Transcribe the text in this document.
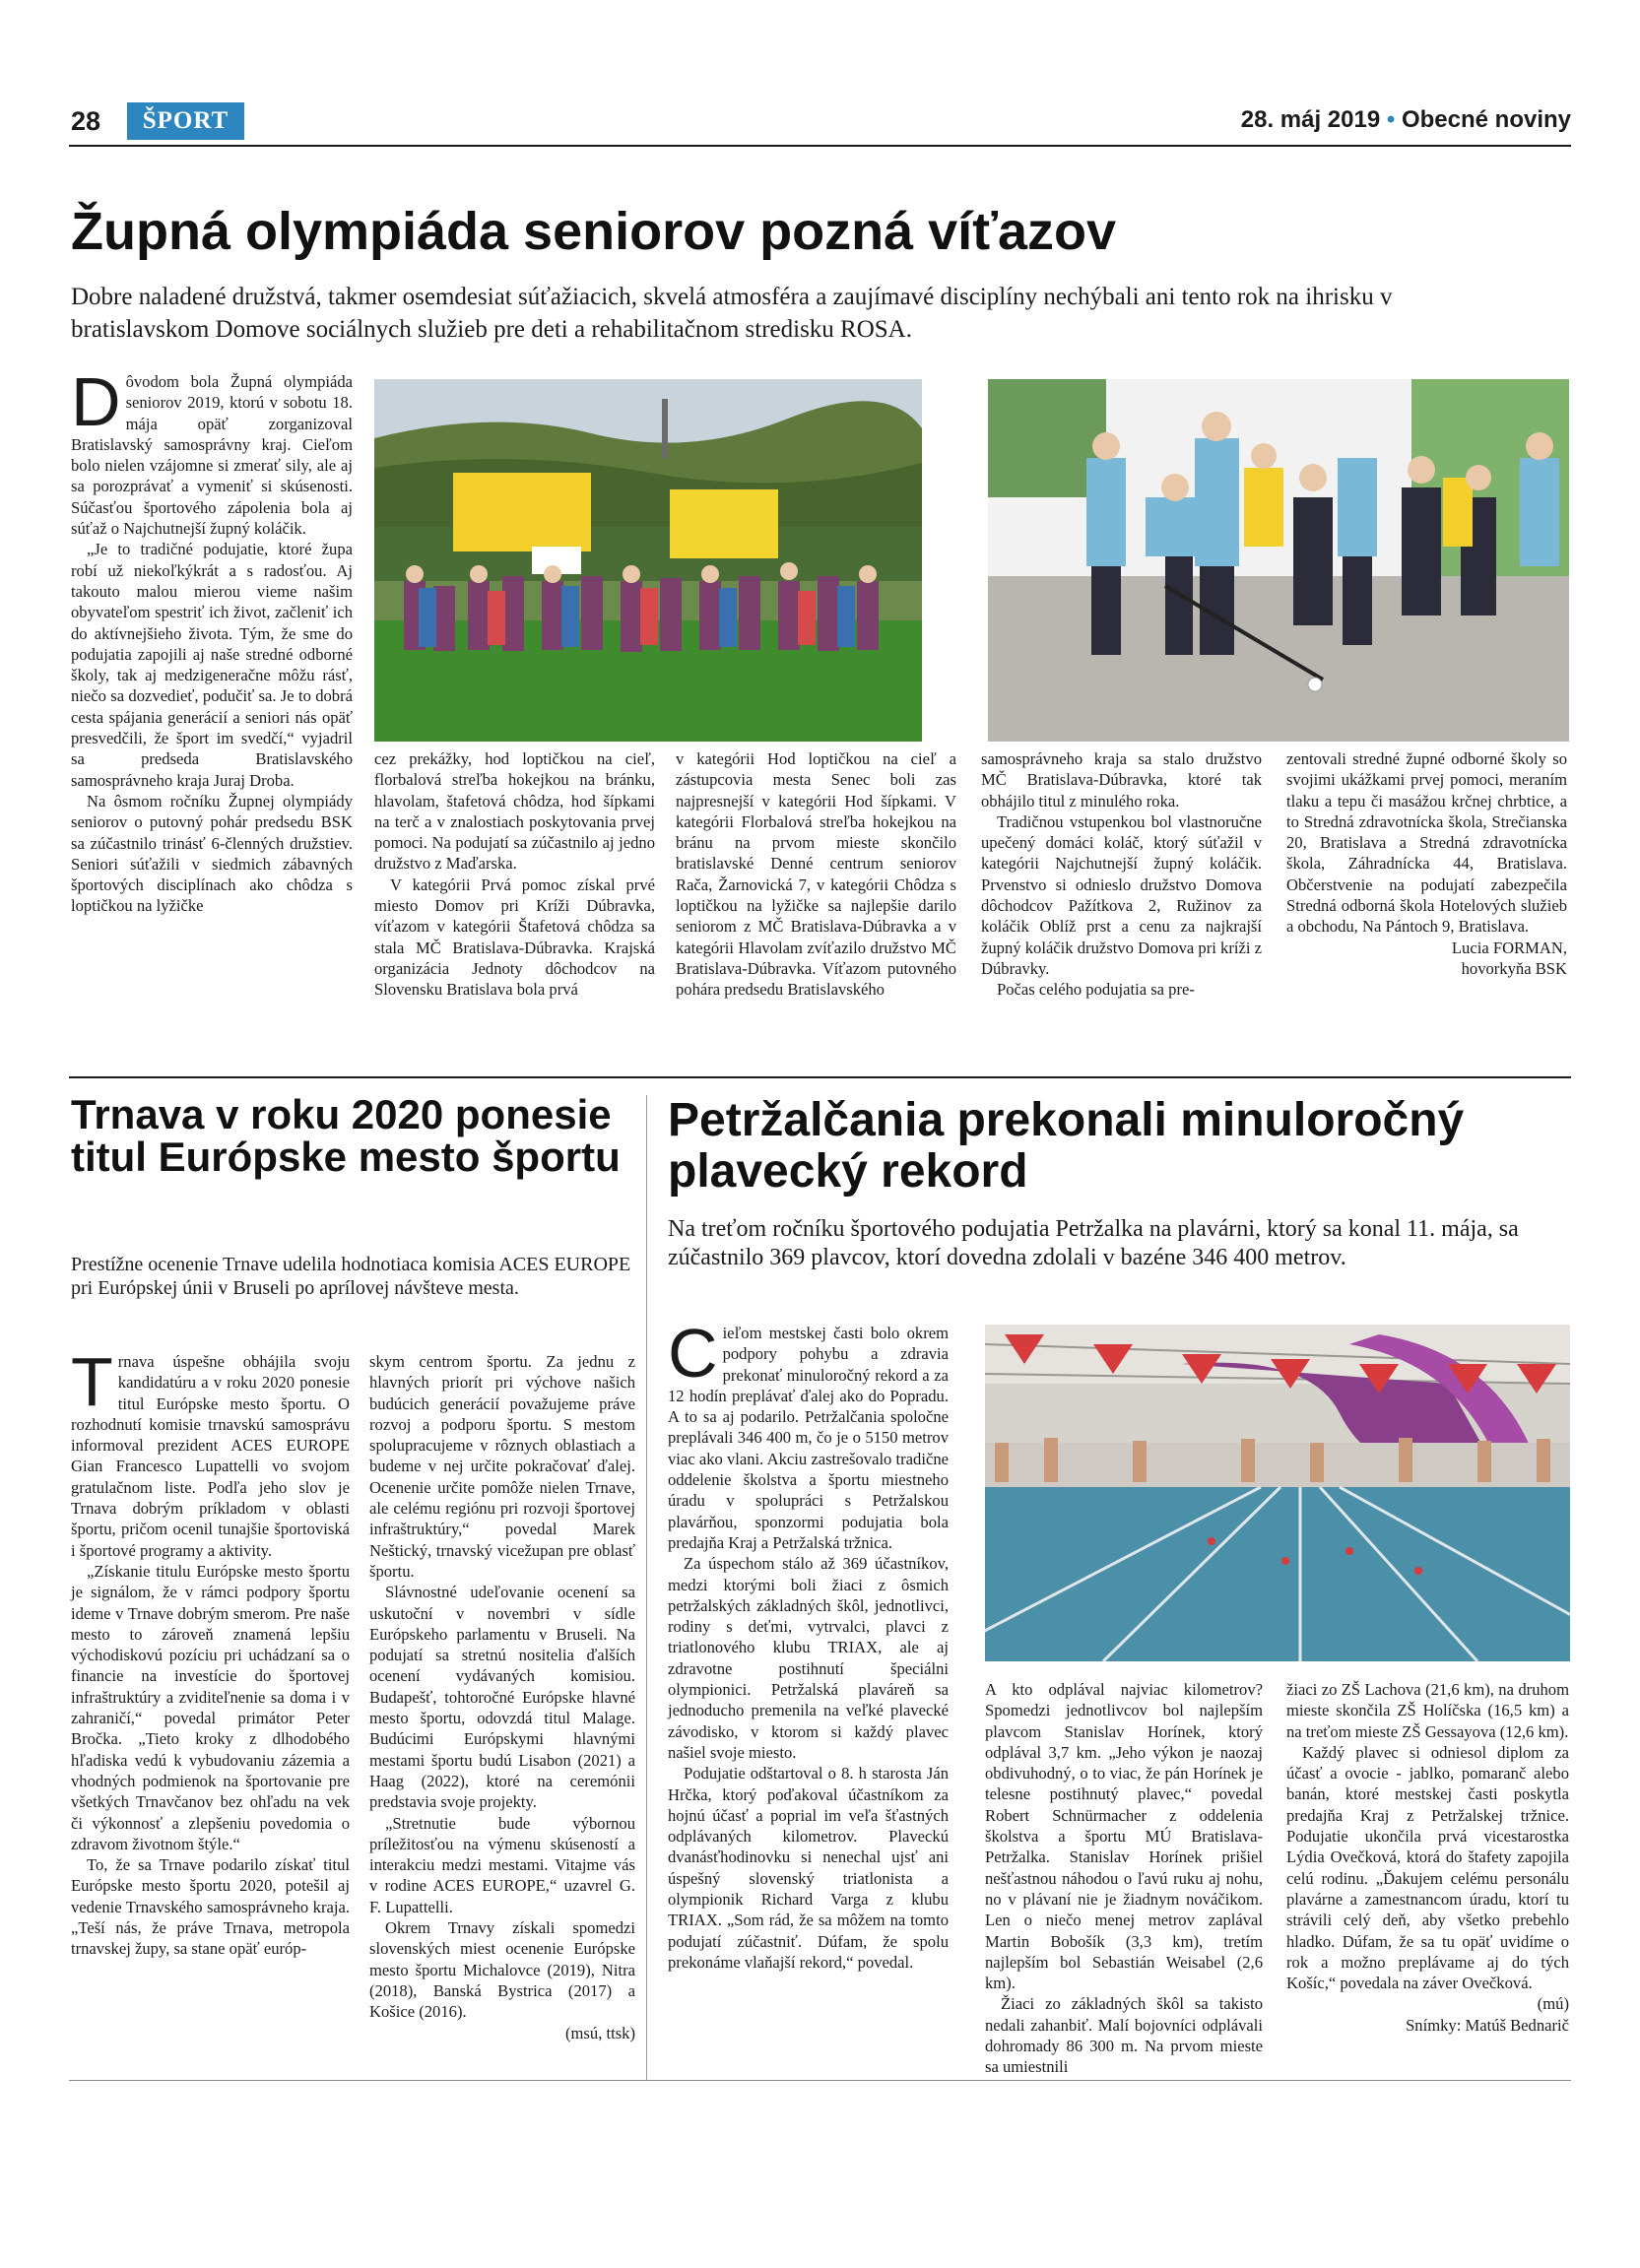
28	ŠPORT	28. máj 2019 • Obecné noviny
Župná olympiáda seniorov pozná víťazov
Dobre naladené družstvá, takmer osemdesiat súťažiacich, skvelá atmosféra a zaujímavé disciplíny nechýbali ani tento rok na ihrisku v bratislavskom Domove sociálnych služieb pre deti a rehabilitačnom stredisku ROSA.

Dôvodom bola Župná olympiáda seniorov 2019, ktorú v sobotu 18. mája opäť zorganizoval Bratislavský samosprávny kraj. Cieľom bolo nielen vzájomne si zmerať sily, ale aj sa porozprávať a vymeniť si skúsenosti. Súčasťou športového zápolenia bola aj súťaž o Najchutnejší župný koláčik.

„Je to tradičné podujatie, ktoré župa robí už niekoľkýkrát a s radosťou. Aj takouto malou mierou vieme našim obyvateľom spestriť ich život, začleniť ich do aktívnejšieho života. Tým, že sme do podujatia zapojili aj naše stredné odborné školy, tak aj medzigeneračne môžu rásť, niečo sa dozvedieť, podučiť sa. Je to dobrá cesta spájania generácií a seniori nás opäť presvedčili, že šport im svedčí,“ vyjadril sa predseda Bratislavského samosprávneho kraja Juraj Droba.

Na ôsmom ročníku Župnej olympiády seniorov o putovný pohár predsedu BSK sa zúčastnilo trinásť 6-členných družstiev. Seniori súťažili v siedmich zábavných športových disciplínach ako chôdza s loptičkou na lyžičke

cez prekážky, hod loptičkou na cieľ, florbalová streľba hokejkou na bránku, hlavolam, štafetová chôdza, hod šípkami na terč a v znalostiach poskytovania prvej pomoci. Na podujatí sa zúčastnilo aj jedno družstvo z Maďarska.

V kategórii Prvá pomoc získal prvé miesto Domov pri Kríži Dúbravka, víťazom v kategórii Štafetová chôdza sa stala MČ Bratislava-Dúbravka. Krajská organizácia Jednoty dôchodcov na Slovensku Bratislava bola prvá

v kategórii Hod loptičkou na cieľ a zástupcovia mesta Senec boli zas najpresnejší v kategórii Hod šípkami. V kategórii Florbalová streľba hokejkou na bránu na prvom mieste skončilo bratislavské Denné centrum seniorov Rača, Žarnovická 7, v kategórii Chôdza s loptičkou na lyžičke sa najlepšie darilo seniorom z MČ Bratislava-Dúbravka a v kategórii Hlavolam zvíťazilo družstvo MČ Bratislava-Dúbravka. Víťazom putovného pohára predsedu Bratislavského

samosprávneho kraja sa stalo družstvo MČ Bratislava-Dúbravka, ktoré tak obhájilo titul z minulého roka.

Tradičnou vstupenkou bol vlastnoručne upečený domáci koláč, ktorý súťažil v kategórii Najchutnejší župný koláčik. Prvenstvo si odnieslo družstvo Domova dôchodcov Pažítkova 2, Ružinov za koláčik Oblíž prst a cenu za najkrajší župný koláčik družstvo Domova pri kríži z Dúbravky.

Počas celého podujatia sa pre-

zentovali stredné župné odborné školy so svojimi ukážkami prvej pomoci, meraním tlaku a tepu či masážou krčnej chrbtice, a to Stredná zdravotnícka škola, Strečianska 20, Bratislava a Stredná zdravotnícka škola, Záhradnícka 44, Bratislava. Občerstvenie na podujatí zabezpečila Stredná odborná škola Hotelových služieb a obchodu, Na Pántoch 9, Bratislava.

Lucia FORMAN,
hovorkyňa BSK
Trnava v roku 2020 ponesie titul Európske mesto športu
Prestížne ocenenie Trnave udelila hodnotiaca komisia ACES EUROPE pri Európskej únii v Bruseli po aprílovej návšteve mesta.

Trnava úspešne obhájila svoju kandidatúru a v roku 2020 ponesie titul Európske mesto športu. O rozhodnutí komisie trnavskú samosprávu informoval prezident ACES EUROPE Gian Francesco Lupattelli vo svojom gratulačnom liste. Podľa jeho slov je Trnava dobrým príkladom v oblasti športu, pričom ocenil tunajšie športoviská i športové programy a aktivity.

„Získanie titulu Európske mesto športu je signálom, že v rámci podpory športu ideme v Trnave dobrým smerom. Pre naše mesto to zároveň znamená lepšiu východiskovú pozíciu pri uchádzaní sa o financie na investície do športovej infraštruktúry a zviditeľnenie sa doma i v zahraničí,“ povedal primátor Peter Bročka. „Tieto kroky z dlhodobého hľadiska vedú k vybudovaniu zázemia a vhodných podmienok na športovanie pre všetkých Trnavčanov bez ohľadu na vek či výkonnosť a zlepšeniu povedomia o zdravom životnom štýle.“

To, že sa Trnave podarilo získať titul Európske mesto športu 2020, potešil aj vedenie Trnavského samosprávneho kraja. „Teší nás, že práve Trnava, metropola trnavskej župy, sa stane opäť európ-

skym centrom športu. Za jednu z hlavných priorít pri výchove našich budúcich generácií považujeme práve rozvoj a podporu športu. S mestom spolupracujeme v rôznych oblastiach a budeme v nej určite pokračovať ďalej. Ocenenie určite pomôže nielen Trnave, ale celému regiónu pri rozvoji športovej infraštruktúry,“ povedal Marek Neštický, trnavský vicežupan pre oblasť športu.

Slávnostné udeľovanie ocenení sa uskutoční v novembri v sídle Európskeho parlamentu v Bruseli. Na podujatí sa stretnú nositelia ďalších ocenení vydávaných komisiou. Budapešť, tohtoročné Európske hlavné mesto športu, odovzdá titul Malage. Budúcimi Európskymi hlavnými mestami športu budú Lisabon (2021) a Haag (2022), ktoré na ceremónii predstavia svoje projekty.

„Stretnutie bude výbornou príležitosťou na výmenu skúseností a interakciu medzi mestami. Vitajme vás v rodine ACES EUROPE,“ uzavrel G. F. Lupattelli.

Okrem Trnavy získali spomedzi slovenských miest ocenenie Európske mesto športu Michalovce (2019), Nitra (2018), Banská Bystrica (2017) a Košice (2016).

(msú, ttsk)
Petržalčania prekonali minuloročný plavecký rekord
Na treťom ročníku športového podujatia Petržalka na plavárni, ktorý sa konal 11. mája, sa zúčastnilo 369 plavcov, ktorí dovedna zdolali v bazéne 346 400 metrov.

Cieľom mestskej časti bolo okrem podpory pohybu a zdravia prekonať minuloročný rekord a za 12 hodín preplávať ďalej ako do Popradu. A to sa aj podarilo. Petržalčania spoločne preplávali 346 400 m, čo je o 5150 metrov viac ako vlani. Akciu zastrešovalo tradične oddelenie školstva a športu miestneho úradu v spolupráci s Petržalskou plavárňou, sponzormi podujatia bola predajňa Kraj a Petržalská tržnica.

Za úspechom stálo až 369 účastníkov, medzi ktorými boli žiaci z ôsmich petržalských základných škôl, jednotlivci, rodiny s deťmi, vytrvalci, plavci z triatlonového klubu TRIAX, ale aj zdravotne postihnutí špeciálni olympionici. Petržalská plaváreň sa jednoducho premenila na veľké plavecké závodisko, v ktorom si každý plavec našiel svoje miesto.

Podujatie odštartoval o 8. h starosta Ján Hrčka, ktorý poďakoval účastníkom za hojnú účasť a poprial im veľa šťastných odplávaných kilometrov. Plaveckú dvanásťhodinovku si nenechal ujsť ani úspešný slovenský triatlonista a olympionik Richard Varga z klubu TRIAX. „Som rád, že sa môžem na tomto podujatí zúčastniť. Dúfam, že spolu prekonáme vlaňajší rekord,“ povedal.

A kto odplával najviac kilometrov? Spomedzi jednotlivcov bol najlepším plavcom Stanislav Horínek, ktorý odplával 3,7 km. „Jeho výkon je naozaj obdivuhodný, o to viac, že pán Horínek je telesne postihnutý plavec,“ povedal Robert Schnürmacher z oddelenia školstva a športu MÚ Bratislava-Petržalka. Stanislav Horínek prišiel nešťastnou náhodou o ľavú ruku aj nohu, no v plávaní nie je žiadnym nováčikom. Len o niečo menej metrov zaplával Martin Bobošík (3,3 km), tretím najlepším bol Sebastián Weisabel (2,6 km).

Žiaci zo základných škôl sa takisto nedali zahanbiť. Malí bojovníci odplávali dohromady 86 300 m. Na prvom mieste sa umiestnili

žiaci zo ZŠ Lachova (21,6 km), na druhom mieste skončila ZŠ Holíčska (16,5 km) a na treťom mieste ZŠ Gessayova (12,6 km).

Každý plavec si odniesol diplom za účasť a ovocie - jablko, pomaranč alebo banán, ktoré mestskej časti poskytla predajňa Kraj z Petržalskej tržnice. Podujatie ukončila prvá vicestarostka Lýdia Ovečková, ktorá do štafety zapojila celú rodinu. „Ďakujem celému personálu plavárne a zamestnancom úradu, ktorí tu strávili celý deň, aby všetko prebehlo hladko. Dúfam, že sa tu opäť uvidíme o rok a možno preplávame aj do tých Košíc,“ povedala na záver Ovečková.

(mú)
Snímky: Matúš Bednarič
